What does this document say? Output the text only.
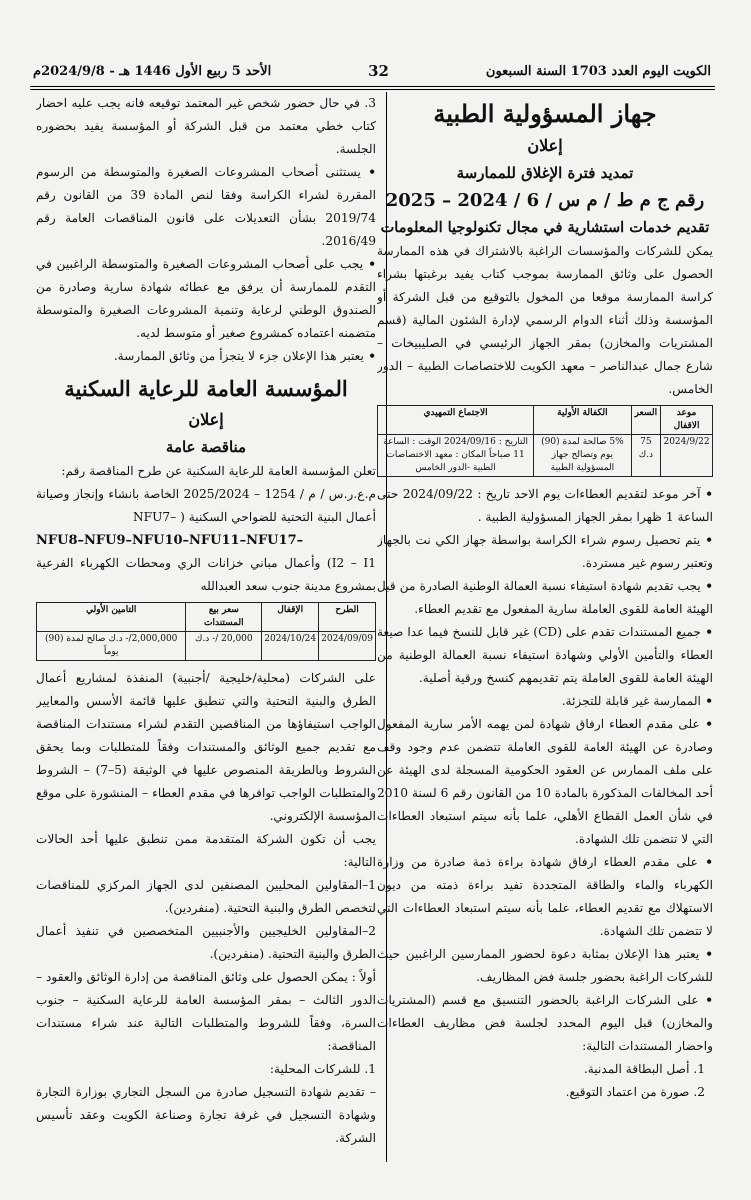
الكويت اليوم العدد 1703 السنة السبعون
32
الأحد 5 ربيع الأول 1446 هـ - 2024/9/8م

جهاز المسؤولية الطبية

إعلان

تمديد فترة الإغلاق للممارسة

رقم ج م ط / م س / 6 / 2024 – 2025

تقديم خدمات استشارية في مجال تكنولوجيا المعلومات

يمكن للشركات والمؤسسات الراغبة بالاشتراك في هذه الممارسة الحصول على وثائق الممارسة بموجب كتاب يفيد برغبتها بشراء كراسة الممارسة موقعا من المخول بالتوقيع من قبل الشركة أو المؤسسة وذلك أثناء الدوام الرسمي لإدارة الشئون المالية (قسم المشتريات والمخازن) بمقر الجهاز الرئيسي في الصليبيخات – شارع جمال عبدالناصر – معهد الكويت للاختصاصات الطبية – الدور الخامس.

موعد الاقفال	السعر	الكفالة الأولية	الاجتماع التمهيدي
2024/9/22	75 د.ك	5% صالحة لمدة (90) يوم وتصالح جهاز المسؤولية الطبية	التاريخ : 2024/09/16 الوقت : الساعة 11 صباحاً المكان : معهد الاختصاصات الطبية -الدور الخامس

• آخر موعد لتقديم العطاءات يوم الاحد تاريخ : 2024/09/22 حتى الساعة 1 ظهرا بمقر الجهاز المسؤولية الطبية .

• يتم تحصيل رسوم شراء الكراسة بواسطة جهاز الكي نت بالجهاز وتعتبر رسوم غير مستردة.

• يجب تقديم شهادة استيفاء نسبة العمالة الوطنية الصادرة من قبل الهيئة العامة للقوى العاملة سارية المفعول مع تقديم العطاء.

• جميع المستندات تقدم على (CD) غير قابل للنسخ فيما عدا صيغة العطاء والتأمين الأولي وشهادة استيفاء نسبة العمالة الوطنية من الهيئة العامة للقوى العاملة يتم تقديمهم كنسخ ورقية أصلية.

• الممارسة غير قابلة للتجزئة.

• على مقدم العطاء ارفاق شهادة لمن يهمه الأمر سارية المفعول وصادرة عن الهيئة العامة للقوى العاملة تتضمن عدم وجود وقف على ملف الممارس عن العقود الحكومية المسجلة لدى الهيئة عن أحد المخالفات المذكورة بالمادة 10 من القانون رقم 6 لسنة 2010 في شأن العمل القطاع الأهلي، علما بأنه سيتم استبعاد العطاءات التي لا تتضمن تلك الشهادة.

• على مقدم العطاء ارفاق شهادة براءة ذمة صادرة من وزارة الكهرباء والماء والطاقة المتجددة تفيد براءة ذمته من ديون الاستهلاك مع تقديم العطاء، علما بأنه سيتم استبعاد العطاءات التي لا تتضمن تلك الشهادة.

• يعتبر هذا الإعلان بمثابة دعوة لحضور الممارسين الراغبين حيث للشركات الراغبة بحضور جلسة فض المظاريف.

• على الشركات الراغبة بالحضور التنسيق مع قسم (المشتريات والمخازن) قبل اليوم المحدد لجلسة فض مظاريف العطاءات واحضار المستندات التالية:

1. أصل البطاقة المدنية.

2. صورة من اعتماد التوقيع.

3. في حال حضور شخص غير المعتمد توقيعه فانه يجب عليه احضار كتاب خطي معتمد من قبل الشركة أو المؤسسة يفيد بحضوره الجلسة.

• يستثنى أصحاب المشروعات الصغيرة والمتوسطة من الرسوم المقررة لشراء الكراسة وفقا لنص المادة 39 من القانون رقم 2019/74 بشأن التعديلات على قانون المناقصات العامة رقم 2016/49.

• يجب على أصحاب المشروعات الصغيرة والمتوسطة الراغبين في التقدم للممارسة أن يرفق مع عطائه شهادة سارية وصادرة من الصندوق الوطني لرعاية وتنمية المشروعات الصغيرة والمتوسطة متضمنه اعتماده كمشروع صغير أو متوسط لديه.

• يعتبر هذا الإعلان جزء لا يتجزأ من وثائق الممارسة.

المؤسسة العامة للرعاية السكنية

إعلان

مناقصة عامة

تعلن المؤسسة العامة للرعاية السكنية عن طرح المناقصة رقم:

م.ع.ر.س / م / 1254 – 2025/2024 الخاصة بانشاء وإنجاز وصيانة أعمال البنية التحتية للضواحي السكنية ( –NFU7

NFU8–NFU9–NFU10–NFU11–NFU17–

I2 – I1) وأعمال مباني خزانات الري ومحطات الكهرباء الفرعية بمشروع مدينة جنوب سعد العبدالله

الطرح	الإقفال	سعر بيع المستندات	التامين الأولي
2024/09/09	2024/10/24	20,000 /- د.ك	2,000,000/- د.ك صالح لمدة (90) يوماً

على الشركات (محلية/خليجية /أجنبية) المنفذة لمشاريع أعمال الطرق والبنية التحتية والتي تنطبق عليها قائمة الأسس والمعايير الواجب استيفاؤها من المناقصين التقدم لشراء مستندات المناقصة مع تقديم جميع الوثائق والمستندات وفقاً للمتطلبات وبما يحقق الشروط وبالطريقة المنصوص عليها في الوثيقة (5–7) – الشروط والمتطلبات الواجب توافرها في مقدم العطاء – المنشورة على موقع المؤسسة الإلكتروني.

يجب أن تكون الشركة المتقدمة ممن تنطبق عليها أحد الحالات التالية:

1–المقاولين المحليين المصنفين لدى الجهاز المركزي للمناقصات لتخصص الطرق والبنية التحتية. (منفردين).

2–المقاولين الخليجيين والأجنبيين المتخصصين في تنفيذ أعمال الطرق والبنية التحتية. (منفردين).

أولاً : يمكن الحصول على وثائق المناقصة من إدارة الوثائق والعقود – الدور الثالث – بمقر المؤسسة العامة للرعاية السكنية – جنوب السرة، وفقاً للشروط والمتطلبات التالية عند شراء مستندات المناقصة:

1. للشركات المحلية:

– تقديم شهادة التسجيل صادرة من السجل التجاري بوزارة التجارة وشهادة التسجيل في غرفة تجارة وصناعة الكويت وعقد تأسيس الشركة.
